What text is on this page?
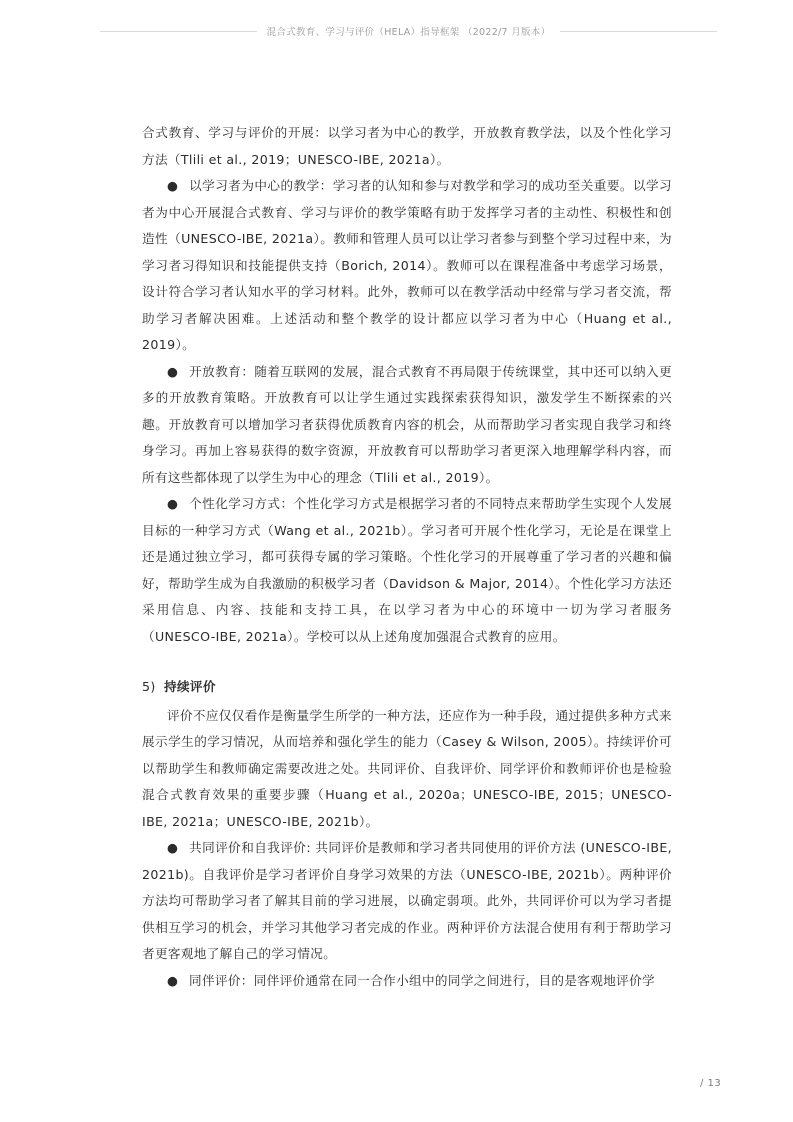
混合式教育、学习与评价（HELA）指导框架 （2022/7 月版本）

合式教育、学习与评价的开展：以学习者为中心的教学，开放教育教学法，以及个性化学习方法（Tlili et al., 2019；UNESCO-IBE, 2021a）。

● 以学习者为中心的教学：学习者的认知和参与对教学和学习的成功至关重要。以学习者为中心开展混合式教育、学习与评价的教学策略有助于发挥学习者的主动性、积极性和创造性（UNESCO-IBE, 2021a）。教师和管理人员可以让学习者参与到整个学习过程中来，为学习者习得知识和技能提供支持（Borich, 2014）。教师可以在课程准备中考虑学习场景，设计符合学习者认知水平的学习材料。此外，教师可以在教学活动中经常与学习者交流，帮助学习者解决困难。上述活动和整个教学的设计都应以学习者为中心（Huang et al., 2019）。

● 开放教育：随着互联网的发展，混合式教育不再局限于传统课堂，其中还可以纳入更多的开放教育策略。开放教育可以让学生通过实践探索获得知识，激发学生不断探索的兴趣。开放教育可以增加学习者获得优质教育内容的机会，从而帮助学习者实现自我学习和终身学习。再加上容易获得的数字资源，开放教育可以帮助学习者更深入地理解学科内容，而所有这些都体现了以学生为中心的理念（Tlili et al., 2019）。

● 个性化学习方式：个性化学习方式是根据学习者的不同特点来帮助学生实现个人发展目标的一种学习方式（Wang et al., 2021b）。学习者可开展个性化学习，无论是在课堂上还是通过独立学习，都可获得专属的学习策略。个性化学习的开展尊重了学习者的兴趣和偏好，帮助学生成为自我激励的积极学习者（Davidson & Major, 2014）。个性化学习方法还采用信息、内容、技能和支持工具，在以学习者为中心的环境中一切为学习者服务（UNESCO-IBE, 2021a）。学校可以从上述角度加强混合式教育的应用。

5) 持续评价

评价不应仅仅看作是衡量学生所学的一种方法，还应作为一种手段，通过提供多种方式来展示学生的学习情况，从而培养和强化学生的能力（Casey & Wilson, 2005）。持续评价可以帮助学生和教师确定需要改进之处。共同评价、自我评价、同学评价和教师评价也是检验混合式教育效果的重要步骤（Huang et al., 2020a；UNESCO-IBE, 2015；UNESCO-IBE, 2021a；UNESCO-IBE, 2021b）。

● 共同评价和自我评价: 共同评价是教师和学习者共同使用的评价方法 (UNESCO-IBE, 2021b)。自我评价是学习者评价自身学习效果的方法（UNESCO-IBE, 2021b）。两种评价方法均可帮助学习者了解其目前的学习进展，以确定弱项。此外，共同评价可以为学习者提供相互学习的机会，并学习其他学习者完成的作业。两种评价方法混合使用有利于帮助学习者更客观地了解自己的学习情况。

● 同伴评价：同伴评价通常在同一合作小组中的同学之间进行，目的是客观地评价学

/ 13
